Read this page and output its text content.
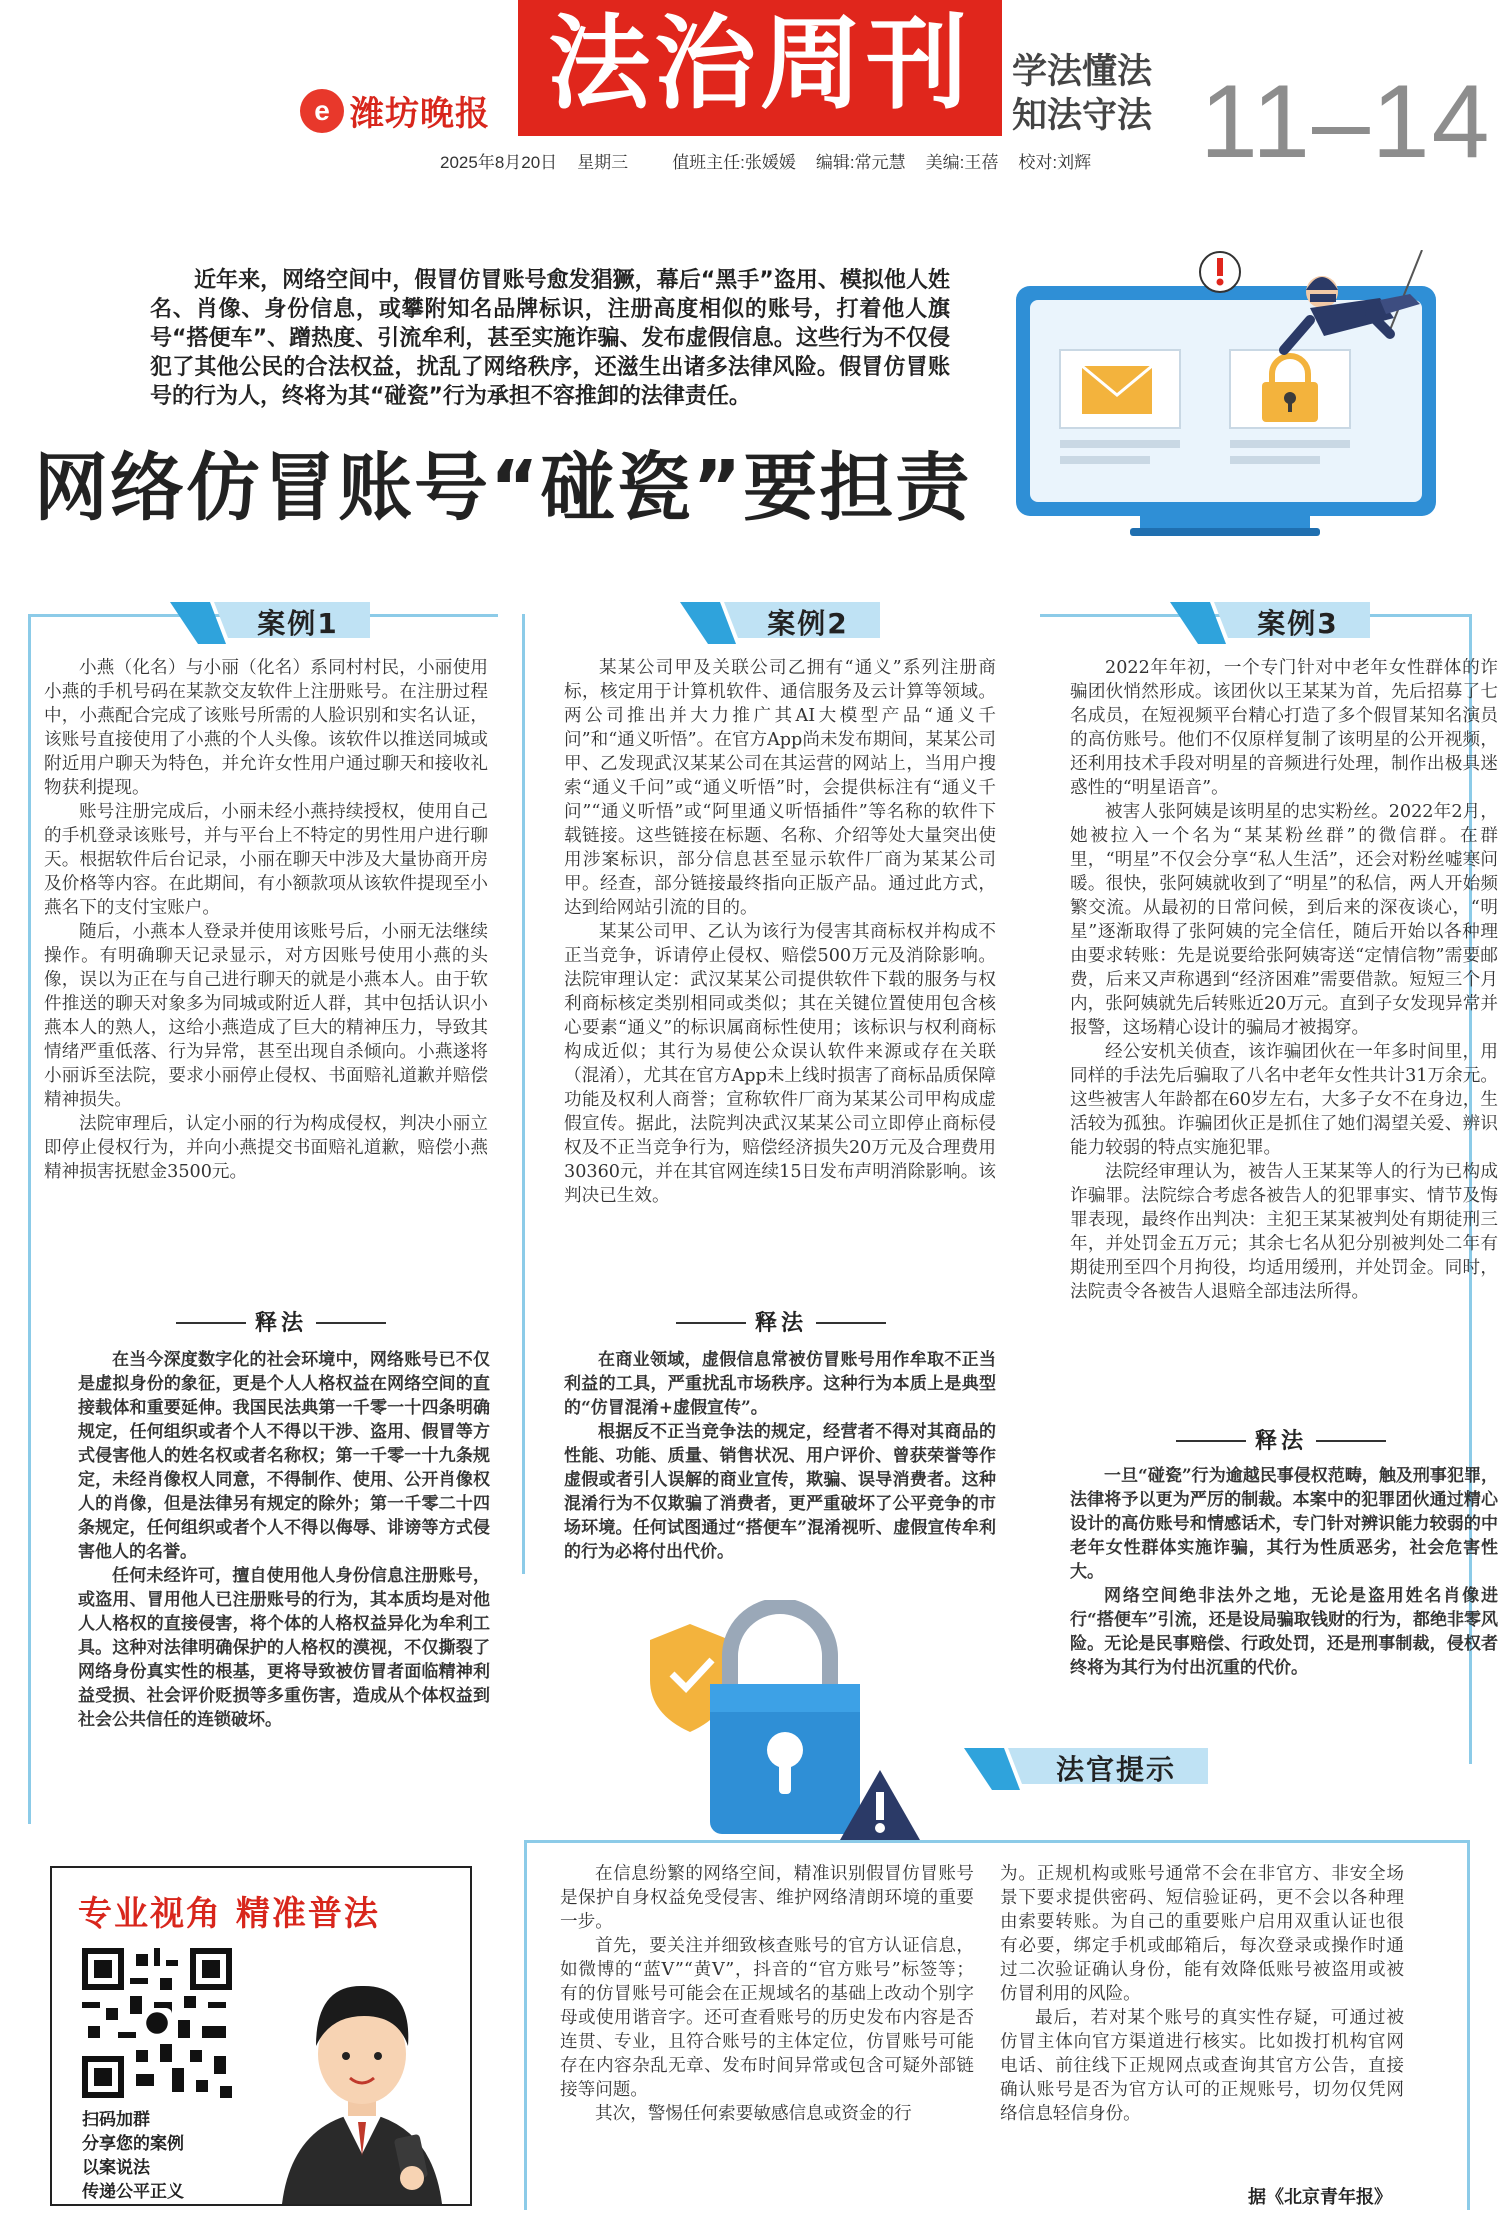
e 潍坊晚报 法治周刊	学法懂法
知法守法 11–14
2025年8月20日 星期三	值班主任:张媛媛 编辑:常元慧 美编:王蓓 校对:刘辉
近年来，网络空间中，假冒仿冒账号愈发猖獗，幕后“黑手”盗用、模拟他人姓名、肖像、身份信息，或攀附知名品牌标识，注册高度相似的账号，打着他人旗号“搭便车”、蹭热度、引流牟利，甚至实施诈骗、发布虚假信息。这些行为不仅侵犯了其他公民的合法权益，扰乱了网络秩序，还滋生出诸多法律风险。假冒仿冒账号的行为人，终将为其“碰瓷”行为承担不容推卸的法律责任。
网络仿冒账号“碰瓷”要担责
案例1

小燕（化名）与小丽（化名）系同村村民，小丽使用小燕的手机号码在某款交友软件上注册账号。在注册过程中，小燕配合完成了该账号所需的人脸识别和实名认证，该账号直接使用了小燕的个人头像。该软件以推送同城或附近用户聊天为特色，并允许女性用户通过聊天和接收礼物获利提现。

账号注册完成后，小丽未经小燕持续授权，使用自己的手机登录该账号，并与平台上不特定的男性用户进行聊天。根据软件后台记录，小丽在聊天中涉及大量协商开房及价格等内容。在此期间，有小额款项从该软件提现至小燕名下的支付宝账户。

随后，小燕本人登录并使用该账号后，小丽无法继续操作。有明确聊天记录显示，对方因账号使用小燕的头像，误以为正在与自己进行聊天的就是小燕本人。由于软件推送的聊天对象多为同城或附近人群，其中包括认识小燕本人的熟人，这给小燕造成了巨大的精神压力，导致其情绪严重低落、行为异常，甚至出现自杀倾向。小燕遂将小丽诉至法院，要求小丽停止侵权、书面赔礼道歉并赔偿精神损失。

法院审理后，认定小丽的行为构成侵权，判决小丽立即停止侵权行为，并向小燕提交书面赔礼道歉，赔偿小燕精神损害抚慰金3500元。

释法

在当今深度数字化的社会环境中，网络账号已不仅是虚拟身份的象征，更是个人人格权益在网络空间的直接载体和重要延伸。我国民法典第一千零一十四条明确规定，任何组织或者个人不得以干涉、盗用、假冒等方式侵害他人的姓名权或者名称权；第一千零一十九条规定，未经肖像权人同意，不得制作、使用、公开肖像权人的肖像，但是法律另有规定的除外；第一千零二十四条规定，任何组织或者个人不得以侮辱、诽谤等方式侵害他人的名誉。

任何未经许可，擅自使用他人身份信息注册账号，或盗用、冒用他人已注册账号的行为，其本质均是对他人人格权的直接侵害，将个体的人格权益异化为牟利工具。这种对法律明确保护的人格权的漠视，不仅撕裂了网络身份真实性的根基，更将导致被仿冒者面临精神利益受损、社会评价贬损等多重伤害，造成从个体权益到社会公共信任的连锁破坏。

案例2

某某公司甲及关联公司乙拥有“通义”系列注册商标，核定用于计算机软件、通信服务及云计算等领域。两公司推出并大力推广其AI大模型产品“通义千问”和“通义听悟”。在官方App尚未发布期间，某某公司甲、乙发现武汉某某公司在其运营的网站上，当用户搜索“通义千问”或“通义听悟”时，会提供标注有“通义千问”“通义听悟”或“阿里通义听悟插件”等名称的软件下载链接。这些链接在标题、名称、介绍等处大量突出使用涉案标识，部分信息甚至显示软件厂商为某某公司甲。经查，部分链接最终指向正版产品。通过此方式，达到给网站引流的目的。

某某公司甲、乙认为该行为侵害其商标权并构成不正当竞争，诉请停止侵权、赔偿500万元及消除影响。法院审理认定：武汉某某公司提供软件下载的服务与权利商标核定类别相同或类似；其在关键位置使用包含核心要素“通义”的标识属商标性使用；该标识与权利商标构成近似；其行为易使公众误认软件来源或存在关联（混淆），尤其在官方App未上线时损害了商标品质保障功能及权利人商誉；宣称软件厂商为某某公司甲构成虚假宣传。据此，法院判决武汉某某公司立即停止商标侵权及不正当竞争行为，赔偿经济损失20万元及合理费用30360元，并在其官网连续15日发布声明消除影响。该判决已生效。

释法

在商业领域，虚假信息常被仿冒账号用作牟取不正当利益的工具，严重扰乱市场秩序。这种行为本质上是典型的“仿冒混淆+虚假宣传”。

根据反不正当竞争法的规定，经营者不得对其商品的性能、功能、质量、销售状况、用户评价、曾获荣誉等作虚假或者引人误解的商业宣传，欺骗、误导消费者。这种混淆行为不仅欺骗了消费者，更严重破坏了公平竞争的市场环境。任何试图通过“搭便车”混淆视听、虚假宣传牟利的行为必将付出代价。

案例3

2022年年初，一个专门针对中老年女性群体的诈骗团伙悄然形成。该团伙以王某某为首，先后招募了七名成员，在短视频平台精心打造了多个假冒某知名演员的高仿账号。他们不仅原样复制了该明星的公开视频，还利用技术手段对明星的音频进行处理，制作出极具迷惑性的“明星语音”。

被害人张阿姨是该明星的忠实粉丝。2022年2月，她被拉入一个名为“某某粉丝群”的微信群。在群里，“明星”不仅会分享“私人生活”，还会对粉丝嘘寒问暖。很快，张阿姨就收到了“明星”的私信，两人开始频繁交流。从最初的日常问候，到后来的深夜谈心，“明星”逐渐取得了张阿姨的完全信任，随后开始以各种理由要求转账：先是说要给张阿姨寄送“定情信物”需要邮费，后来又声称遇到“经济困难”需要借款。短短三个月内，张阿姨就先后转账近20万元。直到子女发现异常并报警，这场精心设计的骗局才被揭穿。

经公安机关侦查，该诈骗团伙在一年多时间里，用同样的手法先后骗取了八名中老年女性共计31万余元。这些被害人年龄都在60岁左右，大多子女不在身边，生活较为孤独。诈骗团伙正是抓住了她们渴望关爱、辨识能力较弱的特点实施犯罪。

法院经审理认为，被告人王某某等人的行为已构成诈骗罪。法院综合考虑各被告人的犯罪事实、情节及悔罪表现，最终作出判决：主犯王某某被判处有期徒刑三年，并处罚金五万元；其余七名从犯分别被判处二年有期徒刑至四个月拘役，均适用缓刑，并处罚金。同时，法院责令各被告人退赔全部违法所得。

释法

一旦“碰瓷”行为逾越民事侵权范畴，触及刑事犯罪，法律将予以更为严厉的制裁。本案中的犯罪团伙通过精心设计的高仿账号和情感话术，专门针对辨识能力较弱的中老年女性群体实施诈骗，其行为性质恶劣，社会危害性大。

网络空间绝非法外之地，无论是盗用姓名肖像进行“搭便车”引流，还是设局骗取钱财的行为，都绝非零风险。无论是民事赔偿、行政处罚，还是刑事制裁，侵权者终将为其行为付出沉重的代价。

法官提示

在信息纷繁的网络空间，精准识别假冒仿冒账号是保护自身权益免受侵害、维护网络清朗环境的重要一步。

首先，要关注并细致核查账号的官方认证信息，如微博的“蓝V”“黄V”，抖音的“官方账号”标签等；有的仿冒账号可能会在正规域名的基础上改动个别字母或使用谐音字。还可查看账号的历史发布内容是否连贯、专业，且符合账号的主体定位，仿冒账号可能存在内容杂乱无章、发布时间异常或包含可疑外部链接等问题。

其次，警惕任何索要敏感信息或资金的行

为。正规机构或账号通常不会在非官方、非安全场景下要求提供密码、短信验证码，更不会以各种理由索要转账。为自己的重要账户启用双重认证也很有必要，绑定手机或邮箱后，每次登录或操作时通过二次验证确认身份，能有效降低账号被盗用或被仿冒利用的风险。

最后，若对某个账号的真实性存疑，可通过被仿冒主体向官方渠道进行核实。比如拨打机构官网电话、前往线下正规网点或查询其官方公告，直接确认账号是否为官方认可的正规账号，切勿仅凭网络信息轻信身份。

据《北京青年报》
专业视角 精准普法
扫码加群
分享您的案例
以案说法
传递公平正义
